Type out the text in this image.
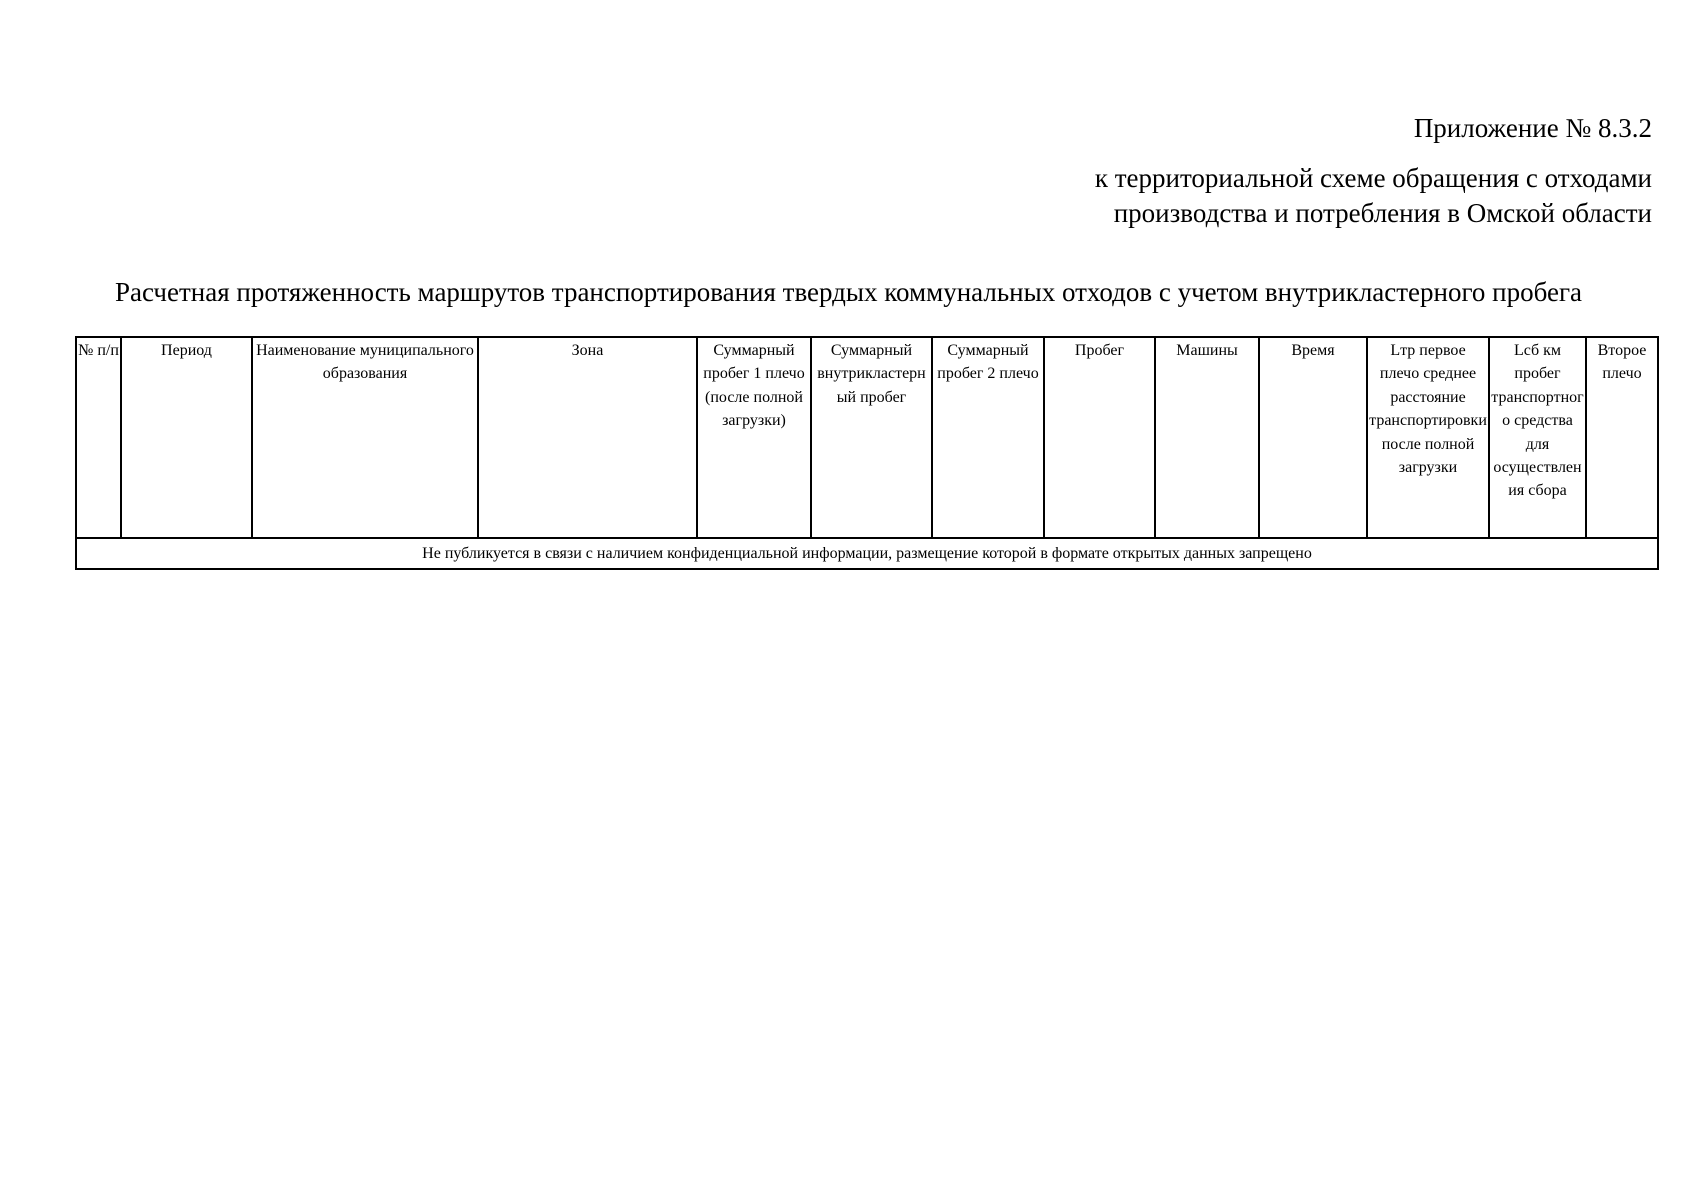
Приложение № 8.3.2

к территориальной схеме обращения с отходами
производства и потребления в Омской области
Расчетная протяженность маршрутов транспортирования твердых коммунальных отходов с учетом внутрикластерного пробега
№ п/п	Период	Наименование муниципального образования	Зона	Суммарный пробег 1 плечо (после полной загрузки)	Суммарный внутрикластерный пробег	Суммарный пробег 2 плечо	Пробег	Машины	Время	Lтр первое плечо среднее расстояние транспортировки после полной загрузки	Lсб км пробег транспортного средства для осуществления сбора	Второе плечо
Не публикуется в связи с наличием конфиденциальной информации, размещение которой в формате открытых данных запрещено
